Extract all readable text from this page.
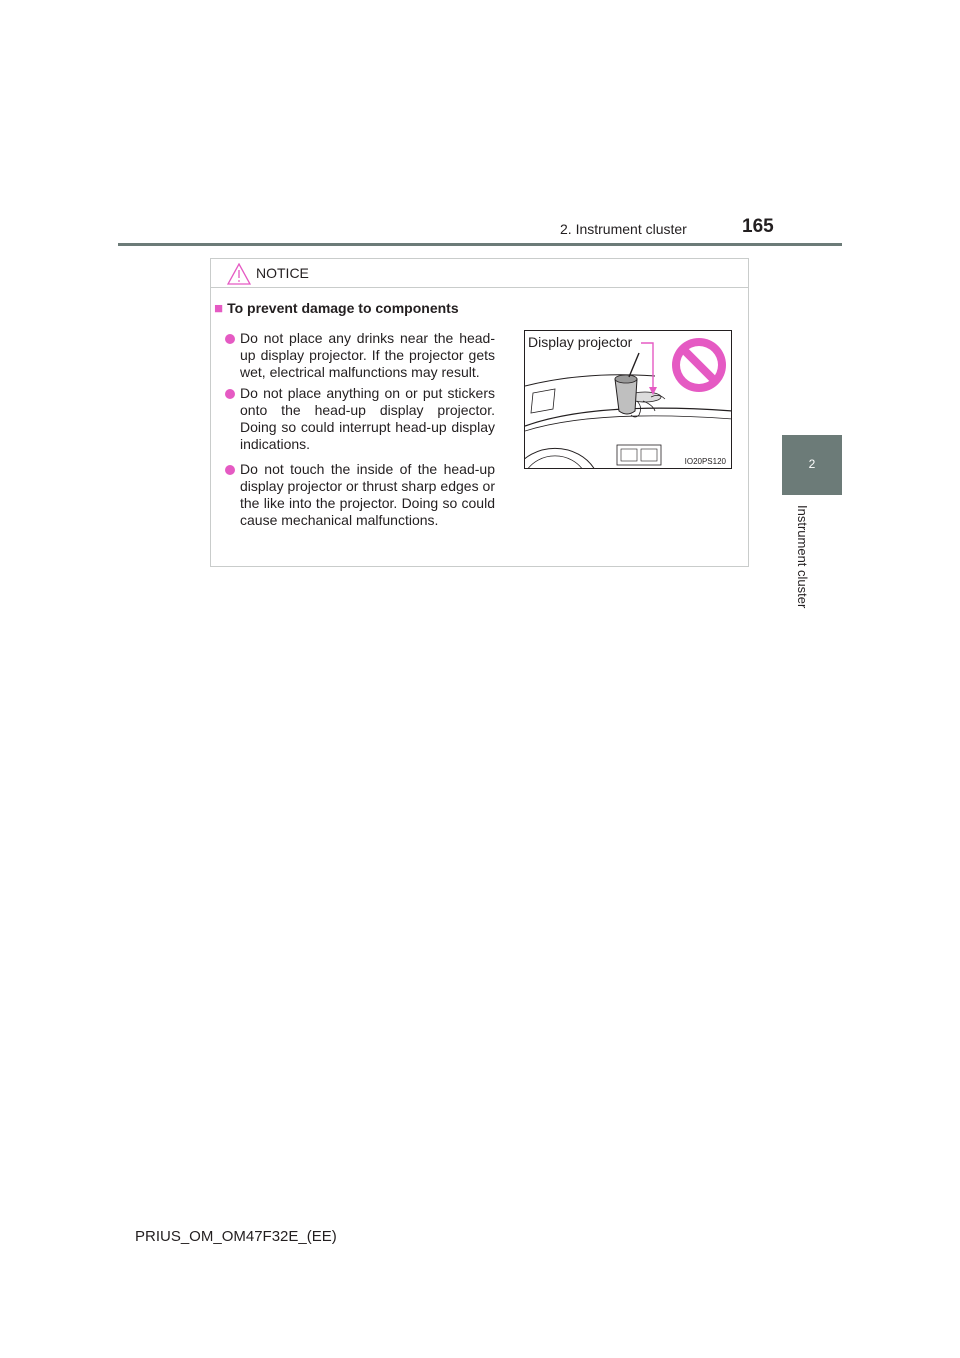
2. Instrument cluster	165
2
Instrument cluster
NOTICE
■ To prevent damage to components
Do not place any drinks near the head-up display projector. If the projector gets wet, electrical malfunctions may result.
Do not place anything on or put stickers onto the head-up display projector. Doing so could interrupt head-up display indications.
Do not touch the inside of the head-up display projector or thrust sharp edges or the like into the projector. Doing so could cause mechanical malfunctions.
Display projector
IO20PS120
PRIUS_OM_OM47F32E_(EE)
